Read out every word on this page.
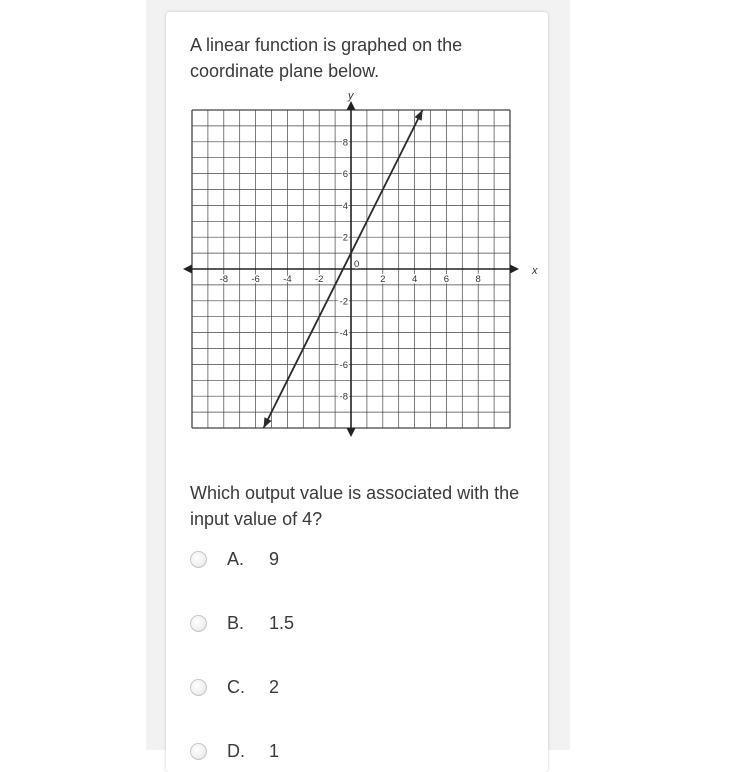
A linear function is graphed on the coordinate plane below.

x
y
-8 -6 -4 -2	2	4	6	8
8
6
4
2
-2
-4
-6
-8
0

Which output value is associated with the input value of 4?

A. 9
B. 1.5
C. 2
D. 1
